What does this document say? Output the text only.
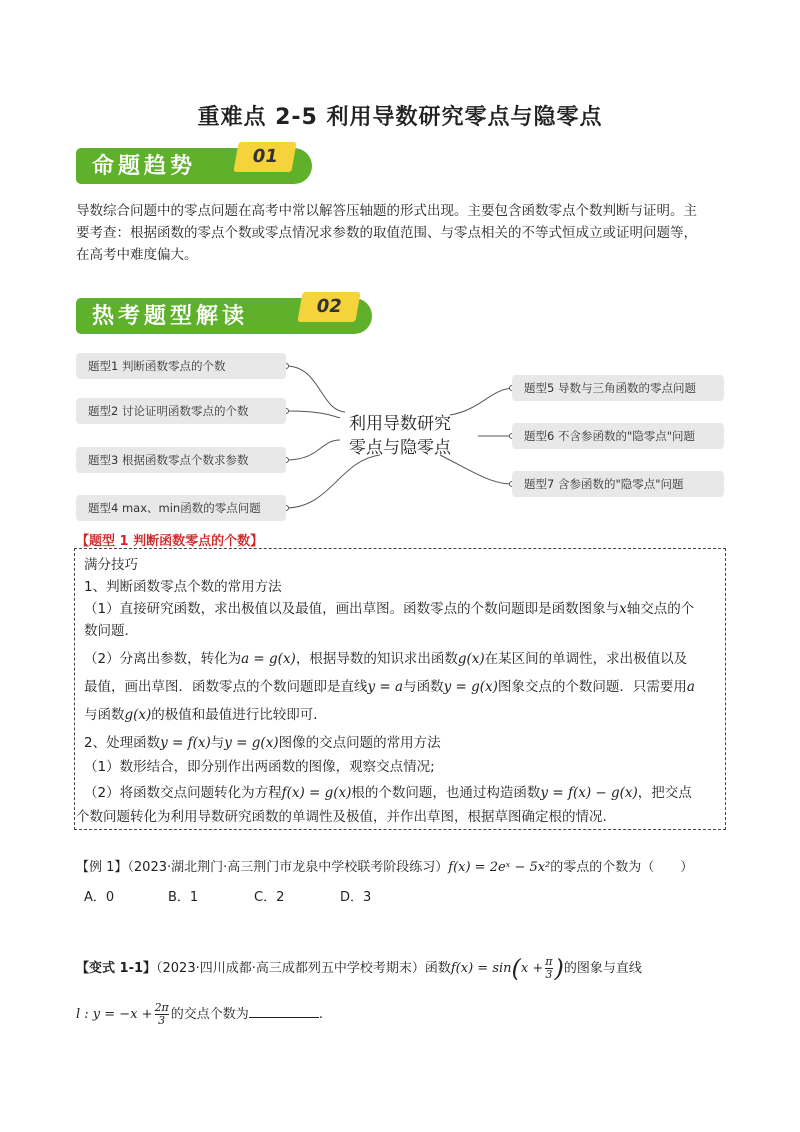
重难点 2-5 利用导数研究零点与隐零点
命题趋势	01
导数综合问题中的零点问题在高考中常以解答压轴题的形式出现。主要包含函数零点个数判断与证明。主
要考查：根据函数的零点个数或零点情况求参数的取值范围、与零点相关的不等式恒成立或证明问题等，
在高考中难度偏大。
热考题型解读	02
题型1 判断函数零点的个数
题型2 讨论证明函数零点的个数
题型3 根据函数零点个数求参数
题型4 max、min函数的零点问题
利用导数研究
零点与隐零点
题型5 导数与三角函数的零点问题
题型6 不含参函数的"隐零点"问题
题型7 含参函数的"隐零点"问题
【题型 1 判断函数零点的个数】
满分技巧
1、判断函数零点个数的常用方法
（1）直接研究函数，求出极值以及最值，画出草图。函数零点的个数问题即是函数图象与x轴交点的个
数问题．
（2）分离出参数，转化为a = g(x)，根据导数的知识求出函数g(x)在某区间的单调性，求出极值以及
最值，画出草图．函数零点的个数问题即是直线y = a与函数y = g(x)图象交点的个数问题．只需要用a
与函数g(x)的极值和最值进行比较即可．
2、处理函数y = f(x)与y = g(x)图像的交点问题的常用方法
（1）数形结合，即分别作出两函数的图像，观察交点情况;
（2）将函数交点问题转化为方程f(x) = g(x)根的个数问题，也通过构造函数y = f(x) − g(x)，把交点
个数问题转化为利用导数研究函数的单调性及极值，并作出草图，根据草图确定根的情况.
【例 1】（2023·湖北荆门·高三荆门市龙泉中学校联考阶段练习）f(x) = 2eˣ − 5x²的零点的个数为（　　）
A．0	B．1	C．2	D．3
【变式 1-1】（2023·四川成都·高三成都列五中学校考期末）函数$f(x) = \sin(x + \frac{\pi}{3}$ )的图象与直线
l : $y = -x + \frac{2\pi}{3}$ 的交点个数为	.
